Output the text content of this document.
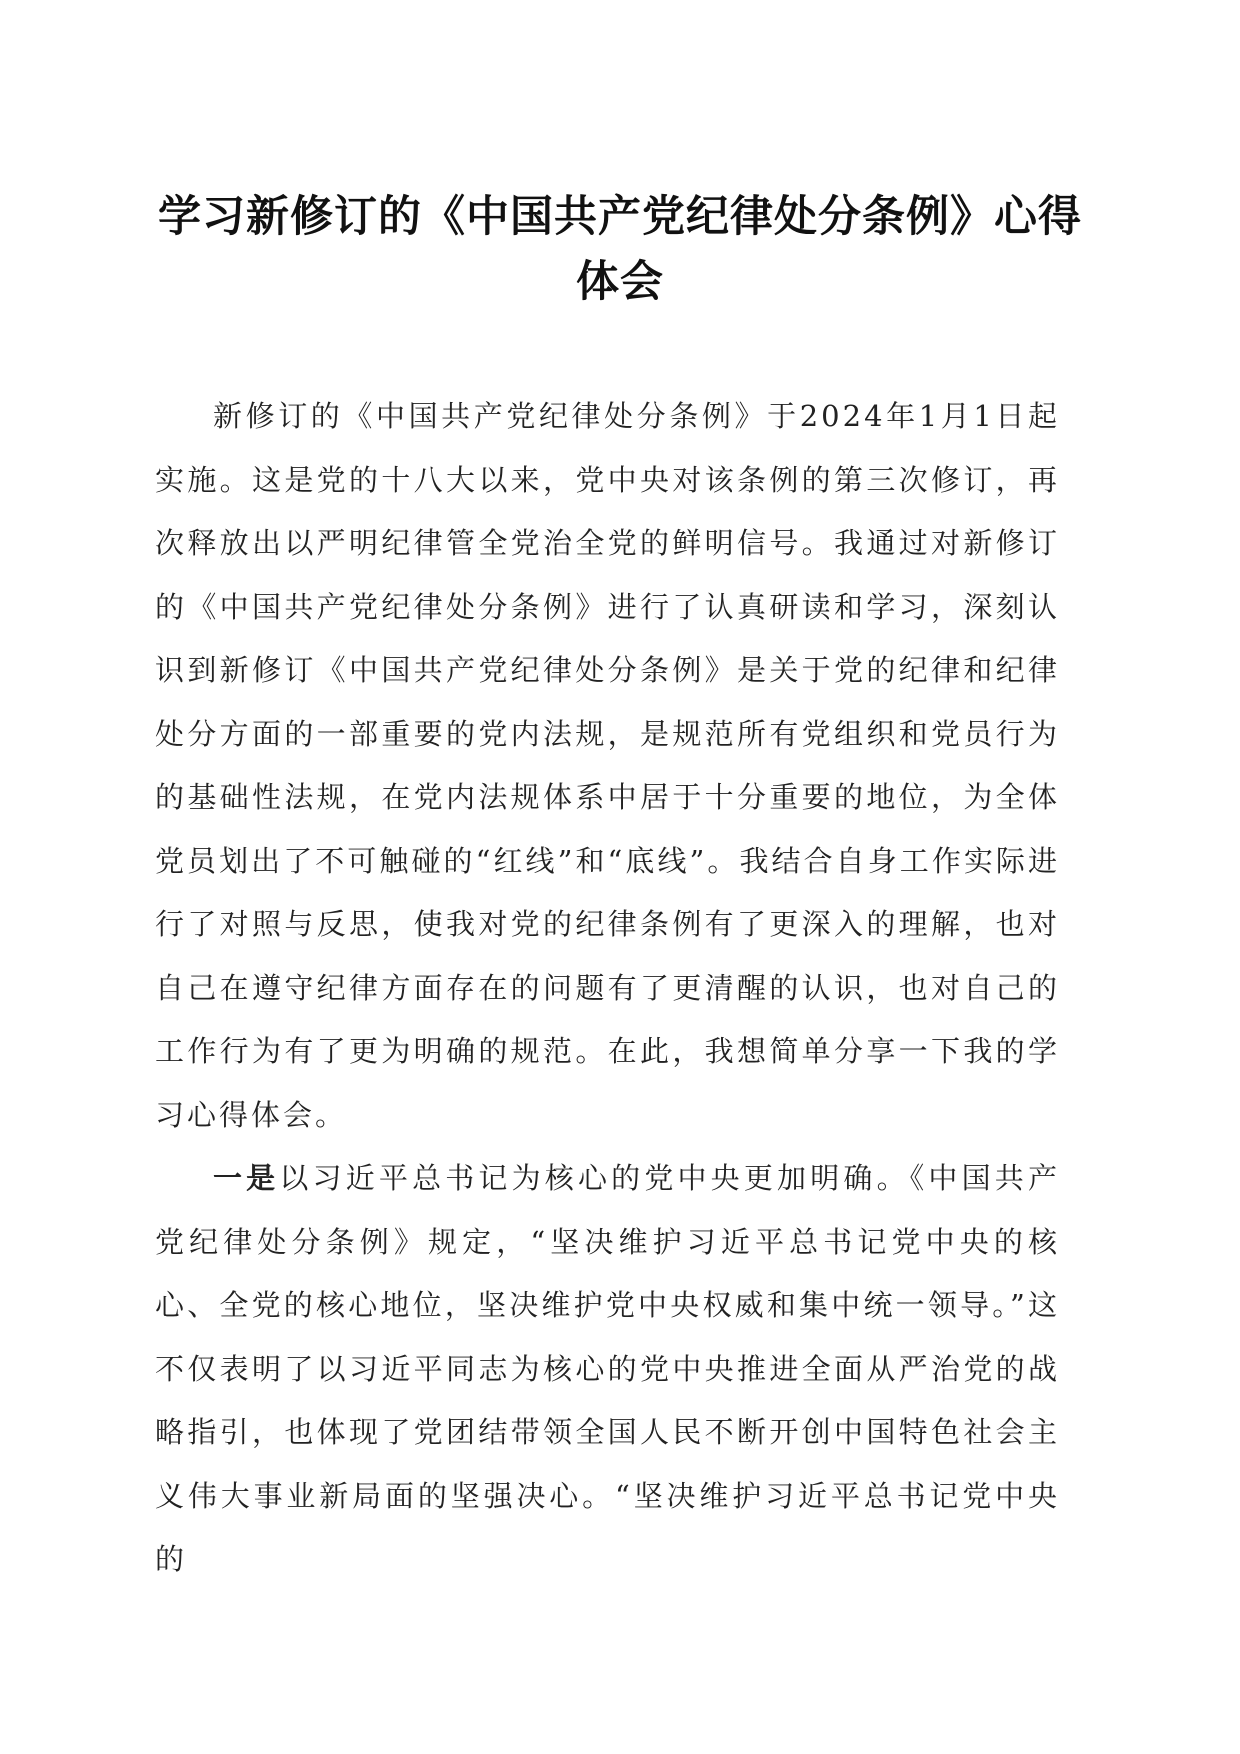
学习新修订的《中国共产党纪律处分条例》心得体会

新修订的《中国共产党纪律处分条例》于2024年1月1日起实施。这是党的十八大以来，党中央对该条例的第三次修订，再次释放出以严明纪律管全党治全党的鲜明信号。我通过对新修订的《中国共产党纪律处分条例》进行了认真研读和学习，深刻认识到新修订《中国共产党纪律处分条例》是关于党的纪律和纪律处分方面的一部重要的党内法规，是规范所有党组织和党员行为的基础性法规，在党内法规体系中居于十分重要的地位，为全体党员划出了不可触碰的“红线”和“底线”。我结合自身工作实际进行了对照与反思，使我对党的纪律条例有了更深入的理解，也对自己在遵守纪律方面存在的问题有了更清醒的认识，也对自己的工作行为有了更为明确的规范。在此，我想简单分享一下我的学习心得体会。

一是以习近平总书记为核心的党中央更加明确。《中国共产党纪律处分条例》规定，“坚决维护习近平总书记党中央的核心、全党的核心地位，坚决维护党中央权威和集中统一领导。”这不仅表明了以习近平同志为核心的党中央推进全面从严治党的战略指引，也体现了党团结带领全国人民不断开创中国特色社会主义伟大事业新局面的坚强决心。“坚决维护习近平总书记党中央的
